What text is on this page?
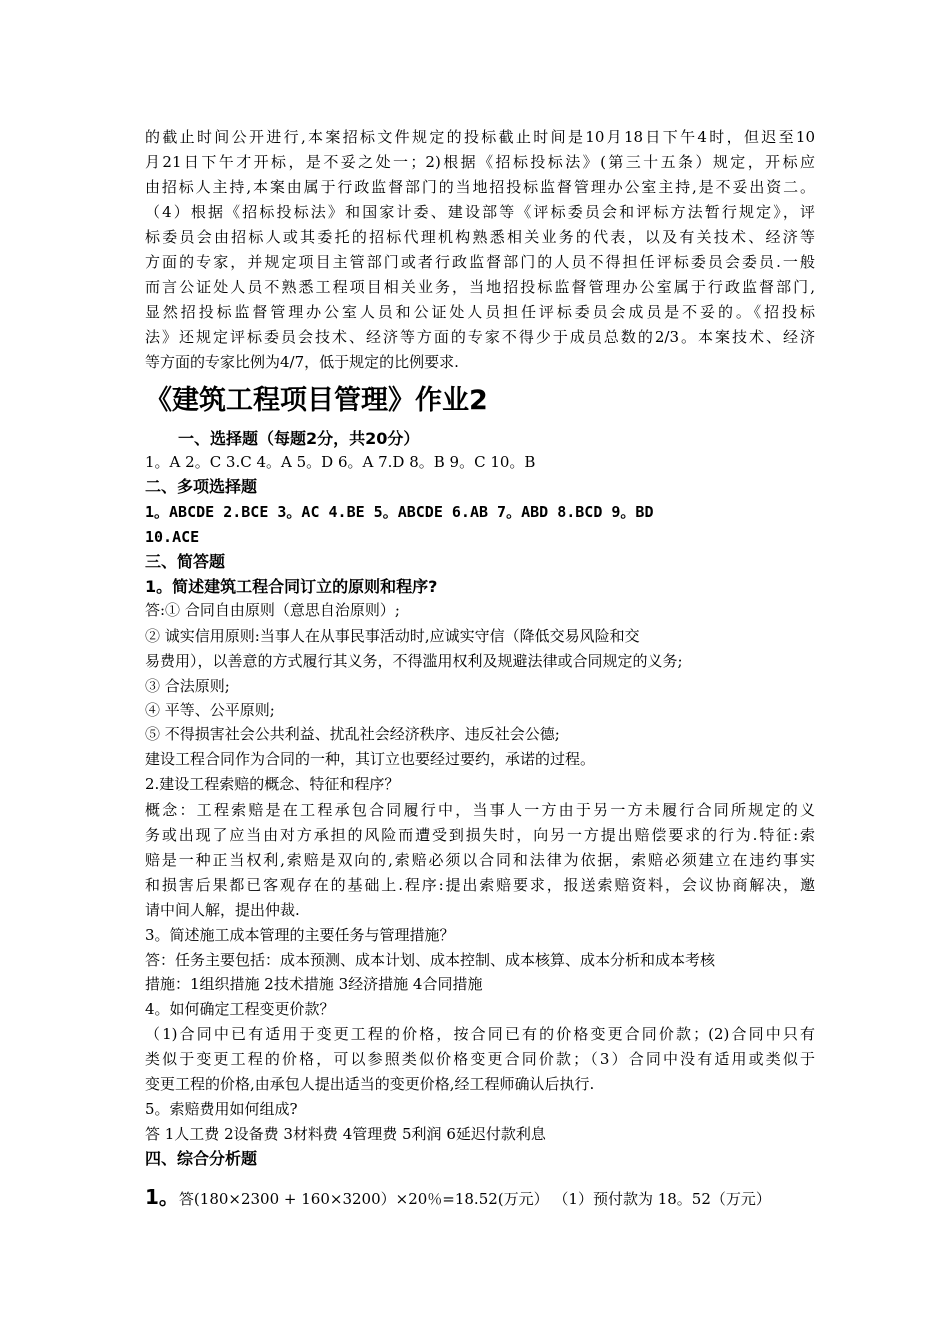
的截止时间公开进行,本案招标文件规定的投标截止时间是10月18日下午4时，但迟至10
月21日下午才开标，是不妥之处一；2)根据《招标投标法》(第三十五条）规定，开标应
由招标人主持,本案由属于行政监督部门的当地招投标监督管理办公室主持,是不妥出资二。
（4）根据《招标投标法》和国家计委、建设部等《评标委员会和评标方法暂行规定》，评
标委员会由招标人或其委托的招标代理机构熟悉相关业务的代表，以及有关技术、经济等
方面的专家，并规定项目主管部门或者行政监督部门的人员不得担任评标委员会委员.一般
而言公证处人员不熟悉工程项目相关业务，当地招投标监督管理办公室属于行政监督部门,
显然招投标监督管理办公室人员和公证处人员担任评标委员会成员是不妥的。《招投标
法》还规定评标委员会技术、经济等方面的专家不得少于成员总数的2/3。本案技术、经济
等方面的专家比例为4/7，低于规定的比例要求.
《建筑工程项目管理》作业2
一、选择题（每题2分，共20分）
1。A 2。C 3.C 4。A 5。D 6。A 7.D 8。B 9。C 10。B
二、多项选择题
1。ABCDE 2.BCE 3。AC 4.BE 5。ABCDE 6.AB 7。ABD 8.BCD 9。BD
10.ACE
三、简答题
1。简述建筑工程合同订立的原则和程序?
答:① 合同自由原则（意思自治原则）;
② 诚实信用原则:当事人在从事民事活动时,应诚实守信（降低交易风险和交
易费用），以善意的方式履行其义务，不得滥用权利及规避法律或合同规定的义务;
③ 合法原则;
④ 平等、公平原则;
⑤ 不得损害社会公共利益、扰乱社会经济秩序、违反社会公德;
建设工程合同作为合同的一种，其订立也要经过要约，承诺的过程。
2.建设工程索赔的概念、特征和程序？
概念：工程索赔是在工程承包合同履行中，当事人一方由于另一方未履行合同所规定的义
务或出现了应当由对方承担的风险而遭受到损失时，向另一方提出赔偿要求的行为.特征:索
赔是一种正当权利,索赔是双向的,索赔必须以合同和法律为依据，索赔必须建立在违约事实
和损害后果都已客观存在的基础上.程序:提出索赔要求，报送索赔资料，会议协商解决，邀
请中间人解，提出仲裁.
3。简述施工成本管理的主要任务与管理措施？
答：任务主要包括：成本预测、成本计划、成本控制、成本核算、成本分析和成本考核
措施：1组织措施 2技术措施 3经济措施 4合同措施
4。如何确定工程变更价款？
（1)合同中已有适用于变更工程的价格，按合同已有的价格变更合同价款；(2)合同中只有
类似于变更工程的价格，可以参照类似价格变更合同价款；（3）合同中没有适用或类似于
变更工程的价格,由承包人提出适当的变更价格,经工程师确认后执行.
5。索赔费用如何组成?
答 1人工费 2设备费 3材料费 4管理费 5利润 6延迟付款利息
四、综合分析题
1。答(180×2300 + 160×3200）×20％=18.52(万元） （1）预付款为 18。52（万元）
